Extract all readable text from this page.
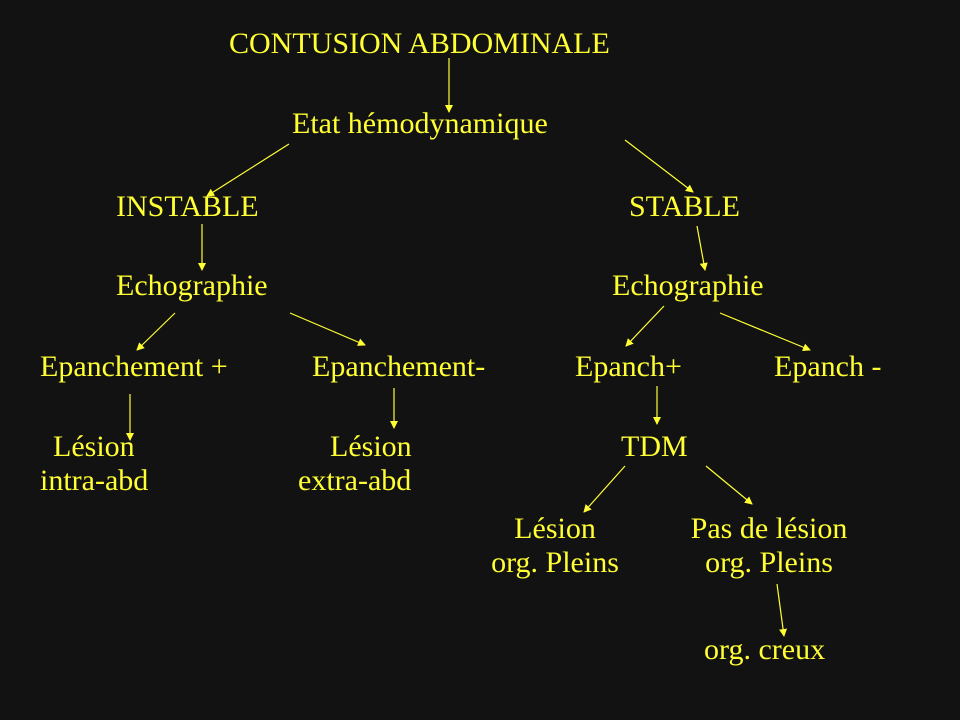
CONTUSION ABDOMINALE
Etat hémodynamique
INSTABLE	STABLE
Echographie	Echographie
Epanchement +	Epanchement-	Epanch+	Epanch -
Lésion
intra-abd
Lésion
extra-abd
TDM
Lésion
org. Pleins
Pas de lésion
org. Pleins
org. creux
